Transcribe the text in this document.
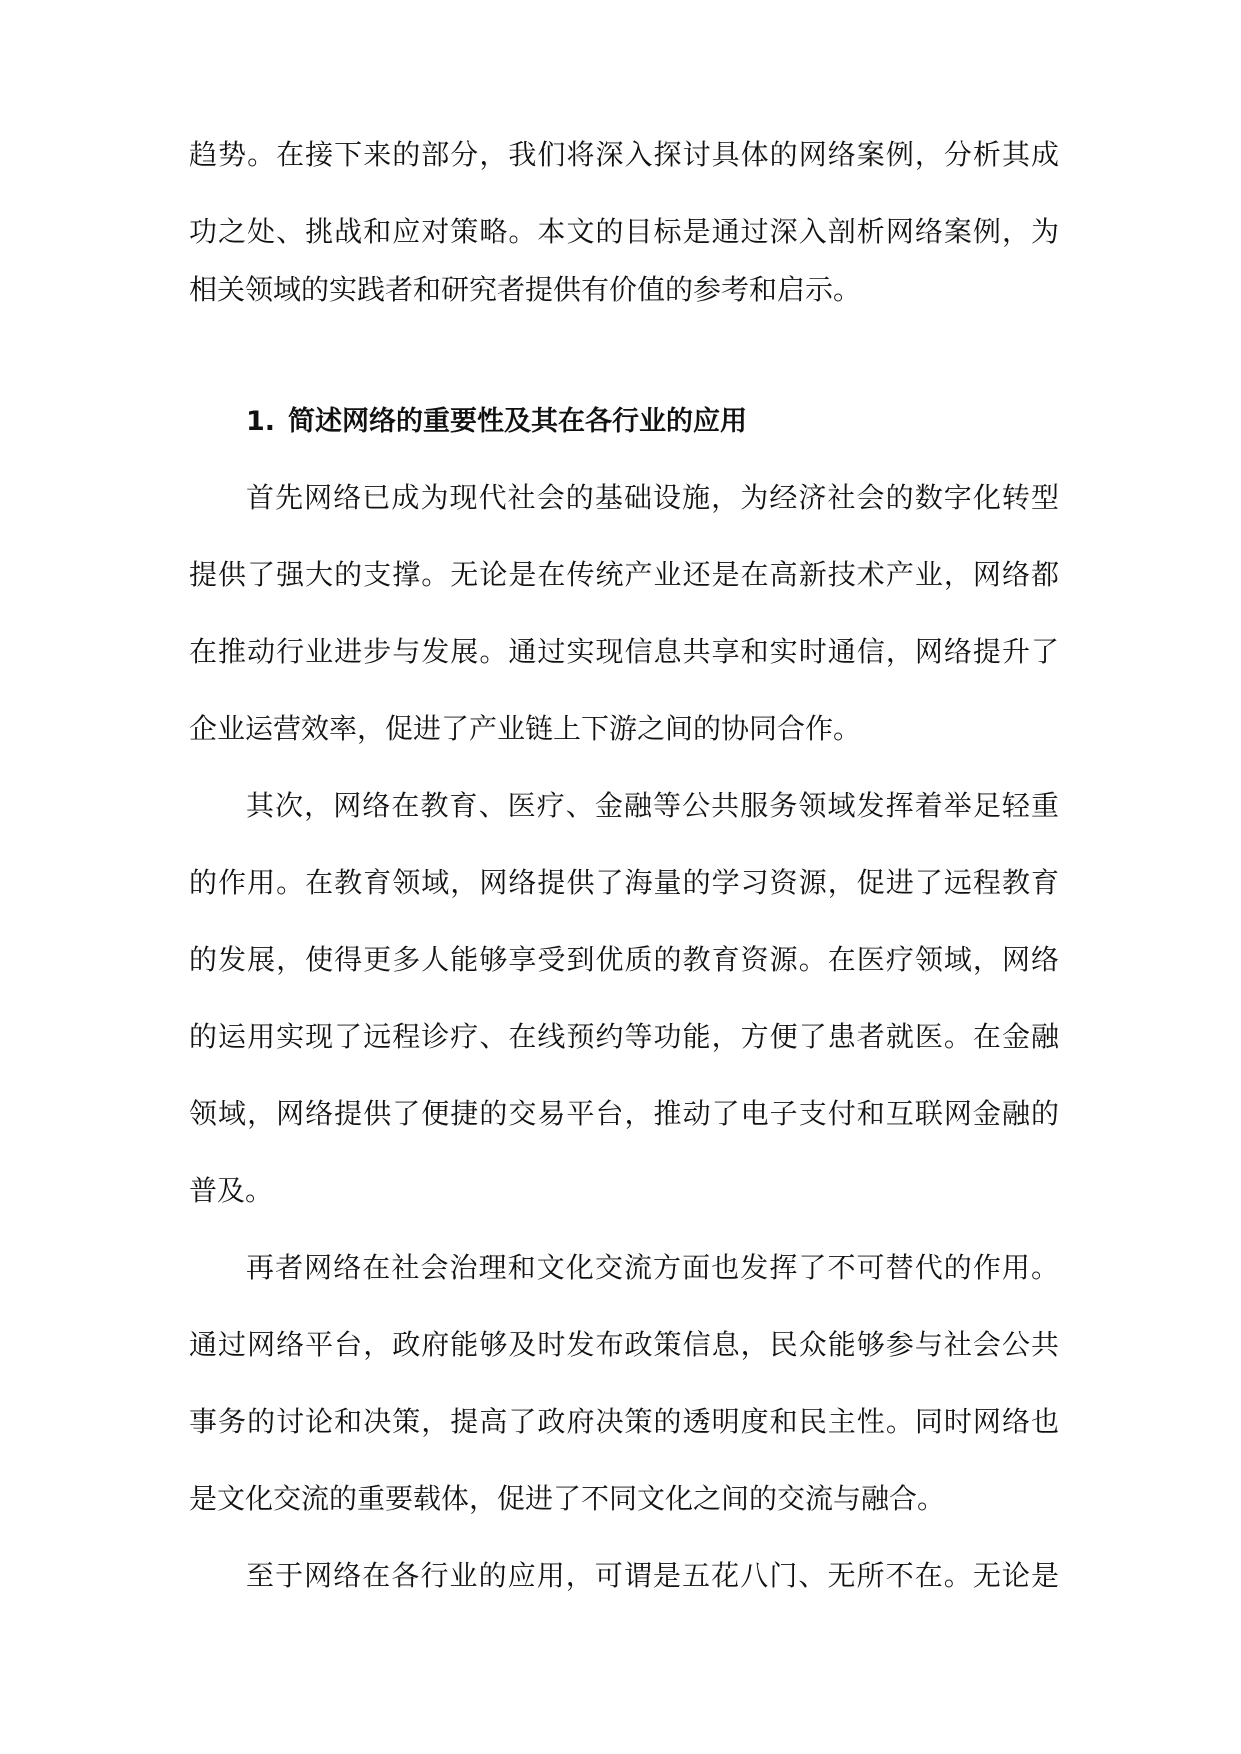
趋势。在接下来的部分，我们将深入探讨具体的网络案例，分析其成
功之处、挑战和应对策略。本文的目标是通过深入剖析网络案例，为
相关领域的实践者和研究者提供有价值的参考和启示。
1. 简述网络的重要性及其在各行业的应用
首先网络已成为现代社会的基础设施，为经济社会的数字化转型
提供了强大的支撑。无论是在传统产业还是在高新技术产业，网络都
在推动行业进步与发展。通过实现信息共享和实时通信，网络提升了
企业运营效率，促进了产业链上下游之间的协同合作。
其次，网络在教育、医疗、金融等公共服务领域发挥着举足轻重
的作用。在教育领域，网络提供了海量的学习资源，促进了远程教育
的发展，使得更多人能够享受到优质的教育资源。在医疗领域，网络
的运用实现了远程诊疗、在线预约等功能，方便了患者就医。在金融
领域，网络提供了便捷的交易平台，推动了电子支付和互联网金融的
普及。
再者网络在社会治理和文化交流方面也发挥了不可替代的作用。
通过网络平台，政府能够及时发布政策信息，民众能够参与社会公共
事务的讨论和决策，提高了政府决策的透明度和民主性。同时网络也
是文化交流的重要载体，促进了不同文化之间的交流与融合。
至于网络在各行业的应用，可谓是五花八门、无所不在。无论是
